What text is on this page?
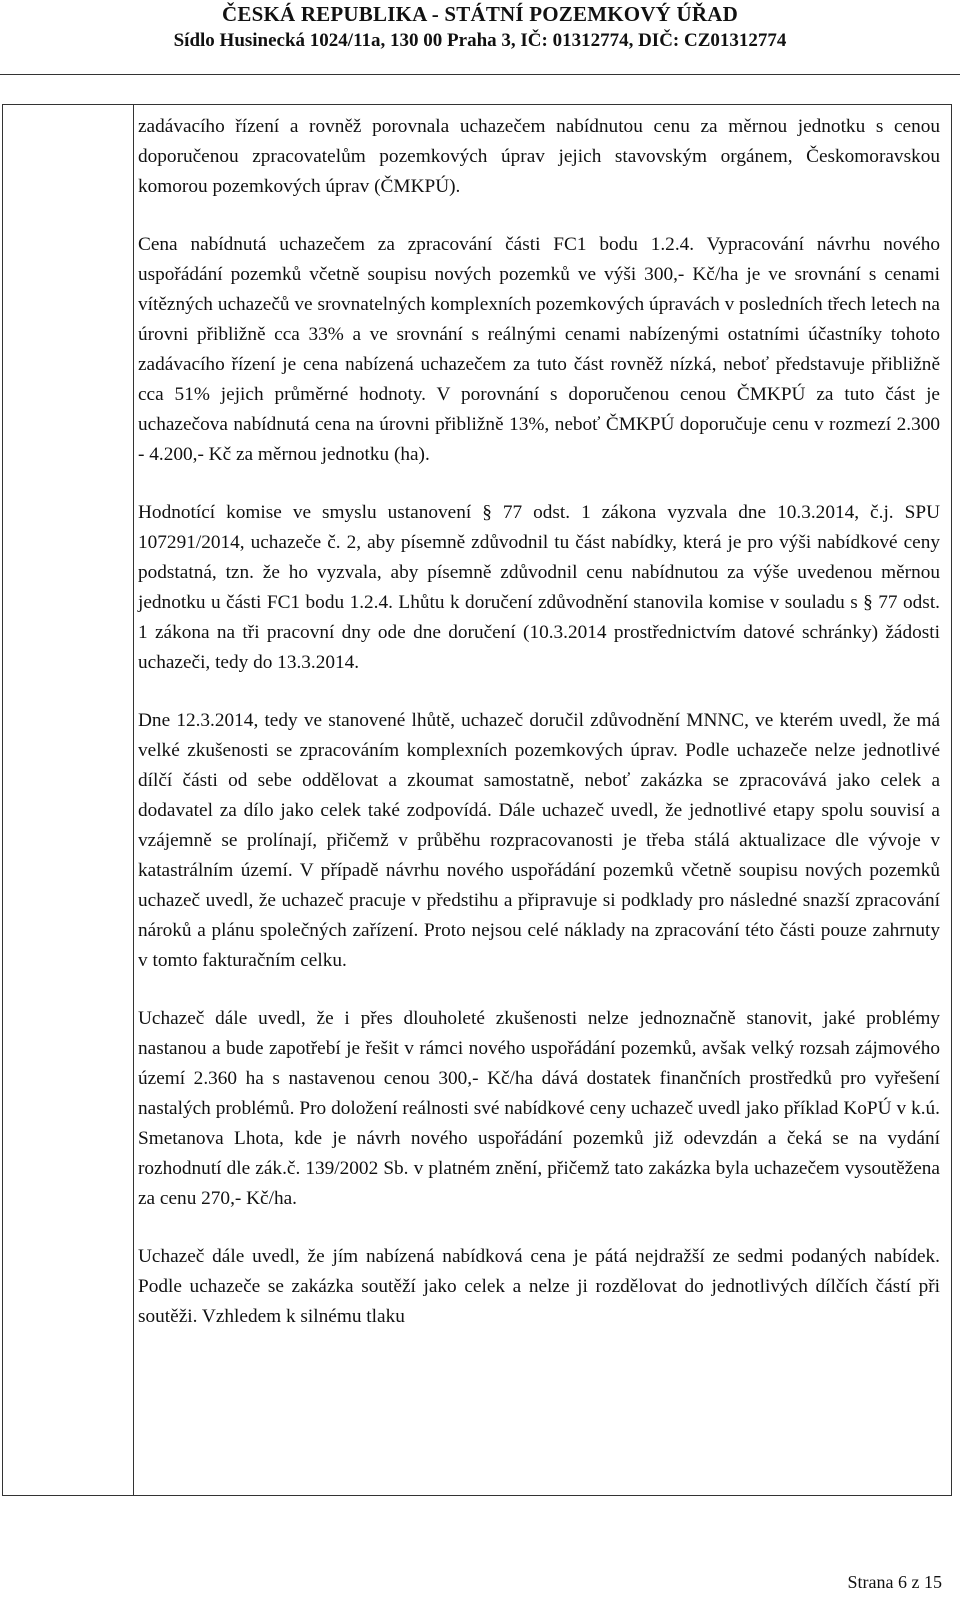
ČESKÁ REPUBLIKA - STÁTNÍ POZEMKOVÝ ÚŘAD
Sídlo Husinecká 1024/11a, 130 00 Praha 3, IČ: 01312774, DIČ: CZ01312774

zadávacího řízení a rovněž porovnala uchazečem nabídnutou cenu za měrnou jednotku s cenou doporučenou zpracovatelům pozemkových úprav jejich stavovským orgánem, Českomoravskou komorou pozemkových úprav (ČMKPÚ).

Cena nabídnutá uchazečem za zpracování části FC1 bodu 1.2.4. Vypracování návrhu nového uspořádání pozemků včetně soupisu nových pozemků ve výši 300,- Kč/ha je ve srovnání s cenami vítězných uchazečů ve srovnatelných komplexních pozemkových úpravách v posledních třech letech na úrovni přibližně cca 33% a ve srovnání s reálnými cenami nabízenými ostatními účastníky tohoto zadávacího řízení je cena nabízená uchazečem za tuto část rovněž nízká, neboť představuje přibližně cca 51% jejich průměrné hodnoty. V porovnání s doporučenou cenou ČMKPÚ za tuto část je uchazečova nabídnutá cena na úrovni přibližně 13%, neboť ČMKPÚ doporučuje cenu v rozmezí 2.300 - 4.200,- Kč za měrnou jednotku (ha).

Hodnotící komise ve smyslu ustanovení § 77 odst. 1 zákona vyzvala dne 10.3.2014, č.j. SPU 107291/2014, uchazeče č. 2, aby písemně zdůvodnil tu část nabídky, která je pro výši nabídkové ceny podstatná, tzn. že ho vyzvala, aby písemně zdůvodnil cenu nabídnutou za výše uvedenou měrnou jednotku u části FC1 bodu 1.2.4. Lhůtu k doručení zdůvodnění stanovila komise v souladu s § 77 odst. 1 zákona na tři pracovní dny ode dne doručení (10.3.2014 prostřednictvím datové schránky) žádosti uchazeči, tedy do 13.3.2014.

Dne 12.3.2014, tedy ve stanovené lhůtě, uchazeč doručil zdůvodnění MNNC, ve kterém uvedl, že má velké zkušenosti se zpracováním komplexních pozemkových úprav. Podle uchazeče nelze jednotlivé dílčí části od sebe oddělovat a zkoumat samostatně, neboť zakázka se zpracovává jako celek a dodavatel za dílo jako celek také zodpovídá. Dále uchazeč uvedl, že jednotlivé etapy spolu souvisí a vzájemně se prolínají, přičemž v průběhu rozpracovanosti je třeba stálá aktualizace dle vývoje v katastrálním území. V případě návrhu nového uspořádání pozemků včetně soupisu nových pozemků uchazeč uvedl, že uchazeč pracuje v předstihu a připravuje si podklady pro následné snazší zpracování nároků a plánu společných zařízení. Proto nejsou celé náklady na zpracování této části pouze zahrnuty v tomto fakturačním celku.

Uchazeč dále uvedl, že i přes dlouholeté zkušenosti nelze jednoznačně stanovit, jaké problémy nastanou a bude zapotřebí je řešit v rámci nového uspořádání pozemků, avšak velký rozsah zájmového území 2.360 ha s nastavenou cenou 300,- Kč/ha dává dostatek finančních prostředků pro vyřešení nastalých problémů. Pro doložení reálnosti své nabídkové ceny uchazeč uvedl jako příklad KoPÚ v k.ú. Smetanova Lhota, kde je návrh nového uspořádání pozemků již odevzdán a čeká se na vydání rozhodnutí dle zák.č. 139/2002 Sb. v platném znění, přičemž tato zakázka byla uchazečem vysoutěžena za cenu 270,- Kč/ha.

Uchazeč dále uvedl, že jím nabízená nabídková cena je pátá nejdražší ze sedmi podaných nabídek. Podle uchazeče se zakázka soutěží jako celek a nelze ji rozdělovat do jednotlivých dílčích částí při soutěži. Vzhledem k silnému tlaku

Strana 6 z 15
